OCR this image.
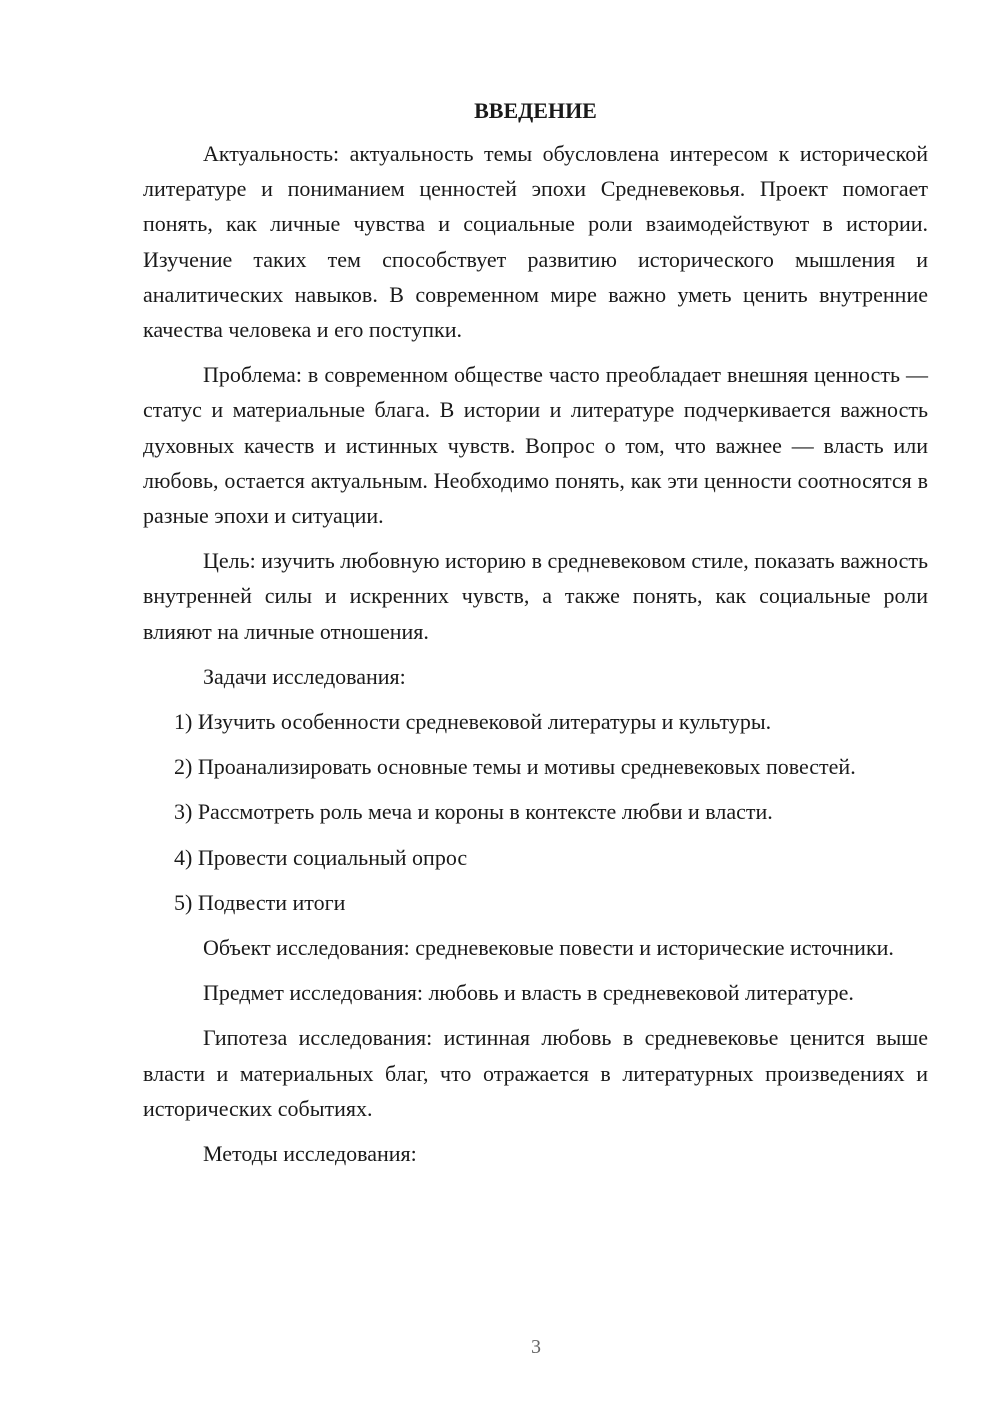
ВВЕДЕНИЕ

Актуальность: актуальность темы обусловлена интересом к исторической литературе и пониманием ценностей эпохи Средневековья. Проект помогает понять, как личные чувства и социальные роли взаимодействуют в истории. Изучение таких тем способствует развитию исторического мышления и аналитических навыков. В современном мире важно уметь ценить внутренние качества человека и его поступки.

Проблема: в современном обществе часто преобладает внешняя ценность — статус и материальные блага. В истории и литературе подчеркивается важность духовных качеств и истинных чувств. Вопрос о том, что важнее — власть или любовь, остается актуальным. Необходимо понять, как эти ценности соотносятся в разные эпохи и ситуации.

Цель: изучить любовную историю в средневековом стиле, показать важность внутренней силы и искренних чувств, а также понять, как социальные роли влияют на личные отношения.

Задачи исследования:

1) Изучить особенности средневековой литературы и культуры.

2) Проанализировать основные темы и мотивы средневековых повестей.

3) Рассмотреть роль меча и короны в контексте любви и власти.

4) Провести социальный опрос

5) Подвести итоги

Объект исследования: средневековые повести и исторические источники.

Предмет исследования: любовь и власть в средневековой литературе.

Гипотеза исследования: истинная любовь в средневековье ценится выше власти и материальных благ, что отражается в литературных произведениях и исторических событиях.

Методы исследования:

3
